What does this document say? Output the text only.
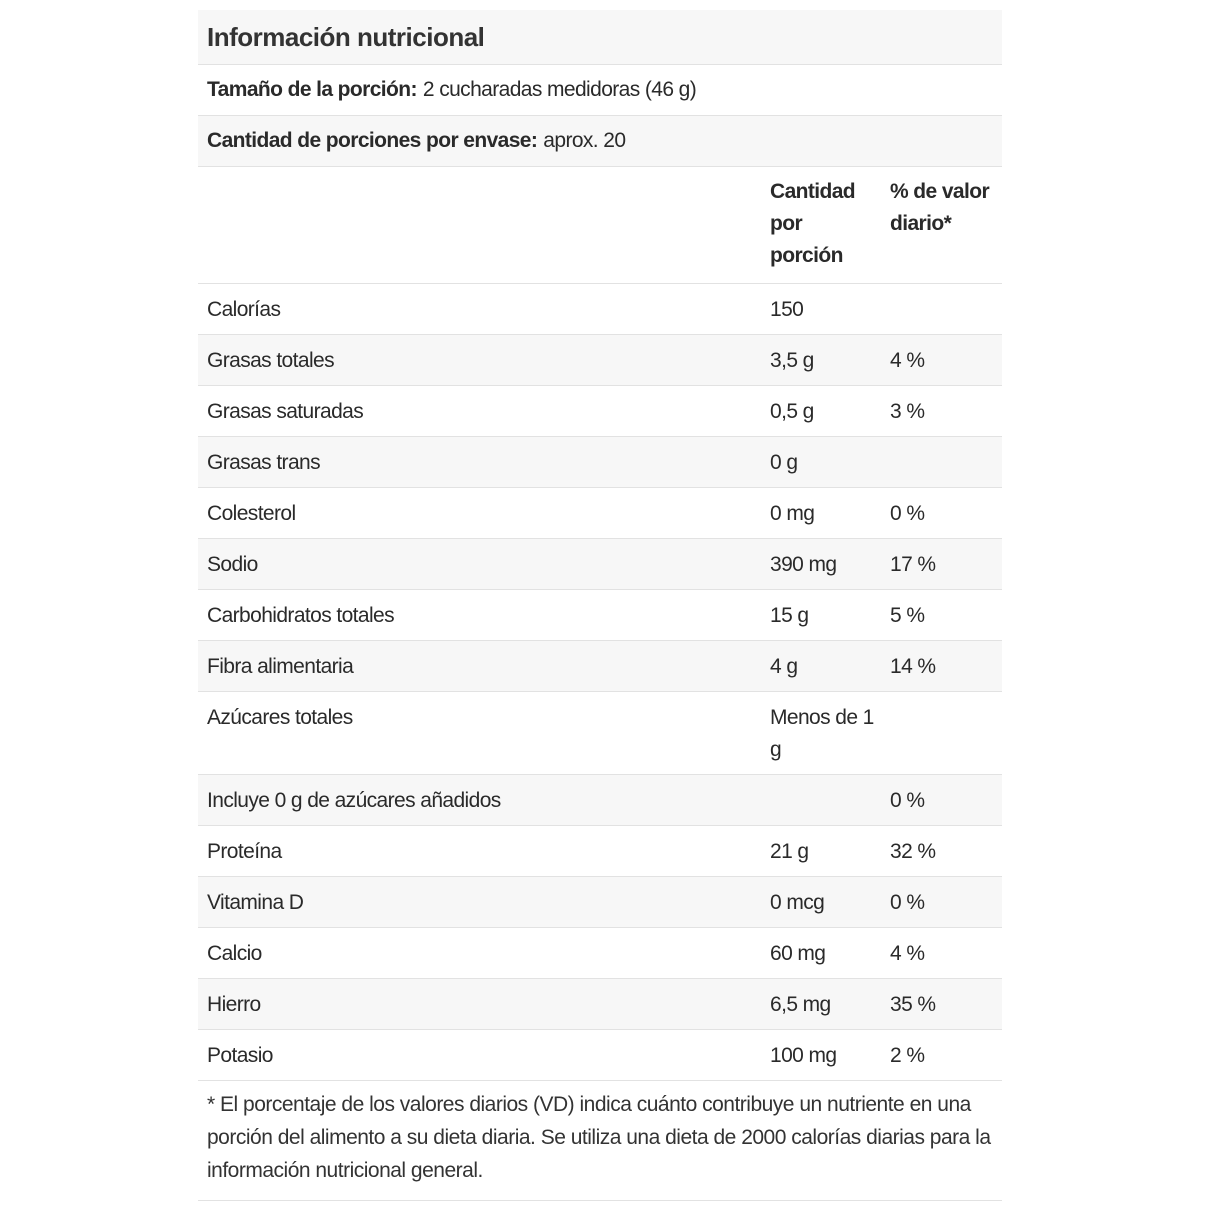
Información nutricional
Tamaño de la porción: 2 cucharadas medidoras (46 g)
Cantidad de porciones por envase: aprox. 20
	Cantidad por porción	% de valor diario*
Calorías	150	
Grasas totales	3,5 g	4 %
Grasas saturadas	0,5 g	3 %
Grasas trans	0 g	
Colesterol	0 mg	0 %
Sodio	390 mg	17 %
Carbohidratos totales	15 g	5 %
Fibra alimentaria	4 g	14 %
Azúcares totales	Menos de 1 g	
Incluye 0 g de azúcares añadidos		0 %
Proteína	21 g	32 %
Vitamina D	0 mcg	0 %
Calcio	60 mg	4 %
Hierro	6,5 mg	35 %
Potasio	100 mg	2 %
* El porcentaje de los valores diarios (VD) indica cuánto contribuye un nutriente en una porción del alimento a su dieta diaria. Se utiliza una dieta de 2000 calorías diarias para la información nutricional general.
